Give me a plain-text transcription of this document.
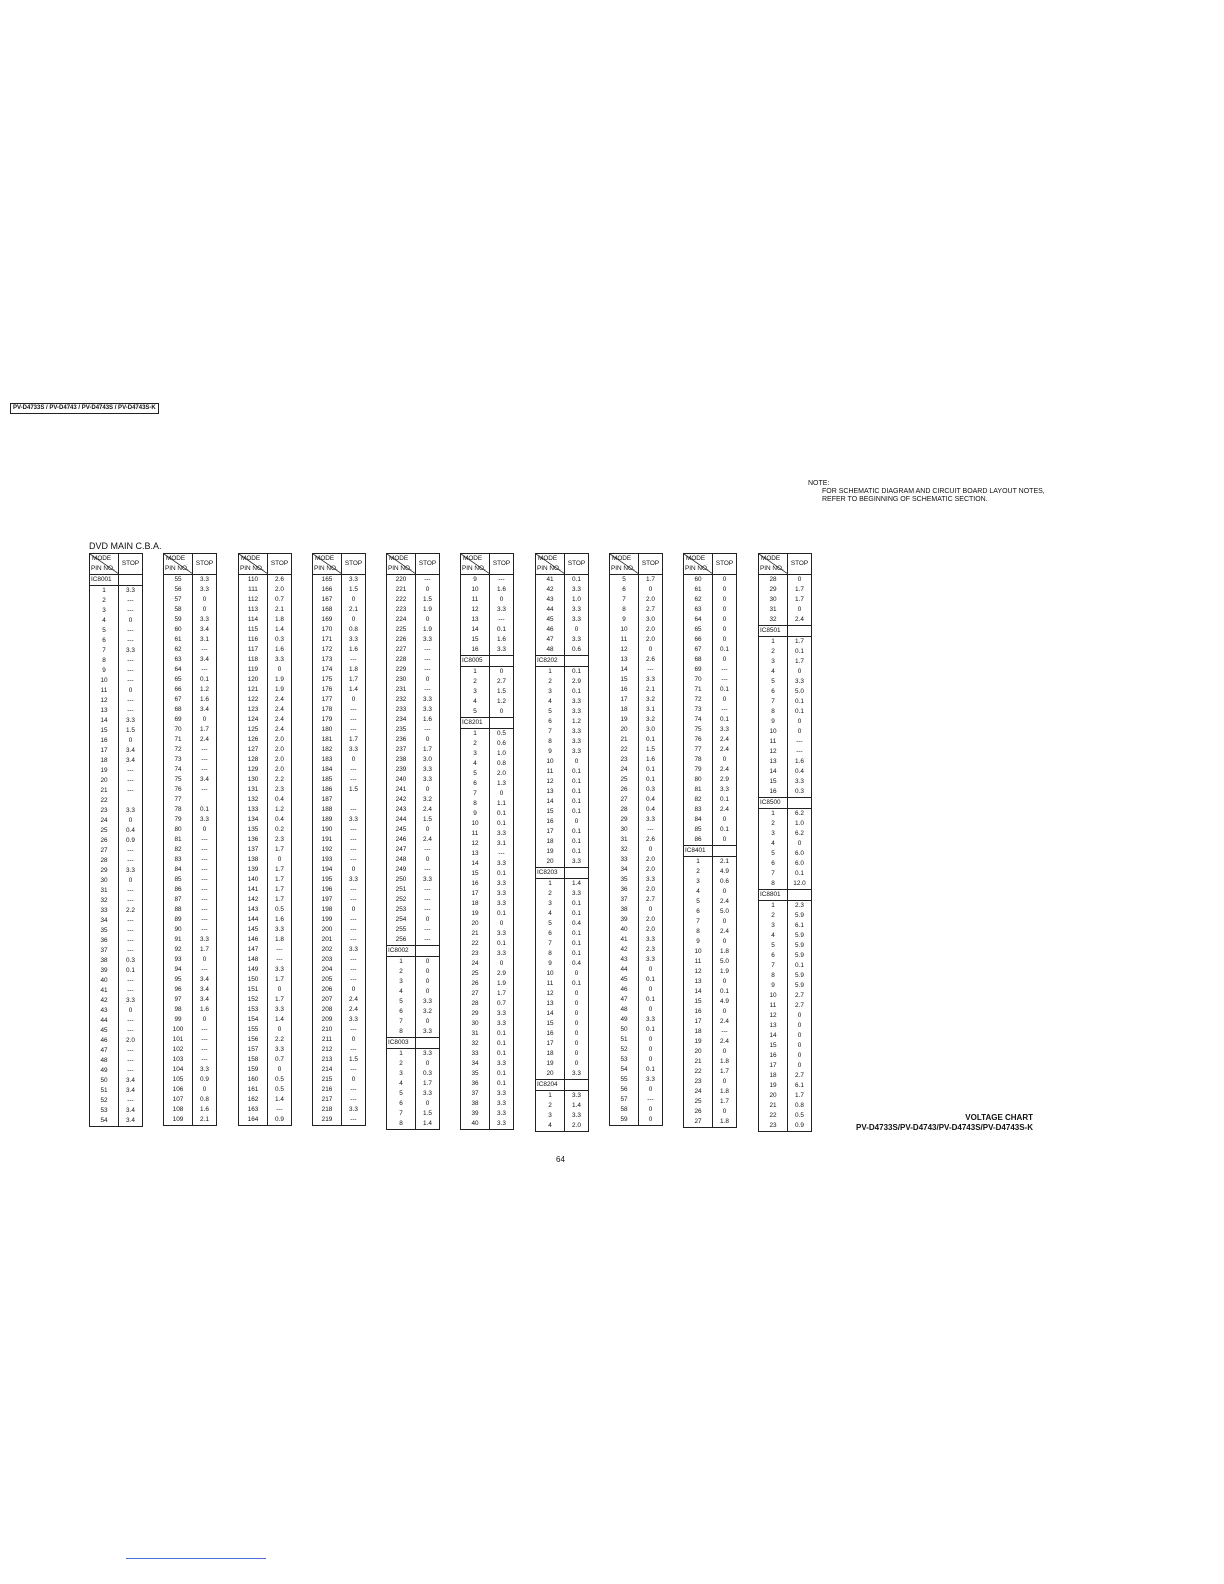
PV-D4733S / PV-D4743 / PV-D4743S / PV-D4743S-K
NOTE:
FOR SCHEMATIC DIAGRAM AND CIRCUIT BOARD LAYOUT NOTES,
REFER TO BEGINNING OF SCHEMATIC SECTION.
DVD MAIN C.B.A.
MODE
PIN NO.	STOP
IC8001	
1	3.3
2	---
3	---
4	0
5	---
6	---
7	3.3
8	---
9	---
10	---
11	0
12	---
13	---
14	3.3
15	1.5
16	0
17	3.4
18	3.4
19	---
20	---
21	---
22	
23	3.3
24	0
25	0.4
26	0.9
27	---
28	---
29	3.3
30	0
31	---
32	---
33	2.2
34	---
35	---
36	---
37	---
38	0.3
39	0.1
40	---
41	---
42	3.3
43	0
44	---
45	---
46	2.0
47	---
48	---
49	---
50	3.4
51	3.4
52	---
53	3.4
54	3.4
MODE
PIN NO.	STOP
55	3.3
56	3.3
57	0
58	0
59	3.3
60	3.4
61	3.1
62	---
63	3.4
64	---
65	0.1
66	1.2
67	1.6
68	3.4
69	0
70	1.7
71	2.4
72	---
73	---
74	---
75	3.4
76	---
77	
78	0.1
79	3.3
80	0
81	---
82	---
83	---
84	---
85	---
86	---
87	---
88	---
89	---
90	---
91	3.3
92	1.7
93	0
94	---
95	3.4
96	3.4
97	3.4
98	1.6
99	0
100	---
101	---
102	---
103	---
104	3.3
105	0.9
106	0
107	0.8
108	1.6
109	2.1
MODE
PIN NO.	STOP
110	2.6
111	2.0
112	0.7
113	2.1
114	1.8
115	1.4
116	0.3
117	1.6
118	3.3
119	0
120	1.9
121	1.9
122	2.4
123	2.4
124	2.4
125	2.4
126	2.0
127	2.0
128	2.0
129	2.0
130	2.2
131	2.3
132	0.4
133	1.2
134	0.4
135	0.2
136	2.3
137	1.7
138	0
139	1.7
140	1.7
141	1.7
142	1.7
143	0.5
144	1.6
145	3.3
146	1.8
147	---
148	---
149	3.3
150	1.7
151	0
152	1.7
153	3.3
154	1.4
155	0
156	2.2
157	3.3
158	0.7
159	0
160	0.5
161	0.5
162	1.4
163	---
164	0.9
MODE
PIN NO.	STOP
165	3.3
166	1.5
167	0
168	2.1
169	0
170	0.8
171	3.3
172	1.6
173	---
174	1.8
175	1.7
176	1.4
177	0
178	---
179	---
180	---
181	1.7
182	3.3
183	0
184	---
185	---
186	1.5
187	
188	---
189	3.3
190	---
191	---
192	---
193	---
194	0
195	3.3
196	---
197	---
198	0
199	---
200	---
201	---
202	3.3
203	---
204	---
205	---
206	0
207	2.4
208	2.4
209	3.3
210	---
211	0
212	---
213	1.5
214	---
215	0
216	---
217	---
218	3.3
219	---
MODE
PIN NO.	STOP
220	---
221	0
222	1.5
223	1.9
224	0
225	1.9
226	3.3
227	---
228	---
229	---
230	0
231	---
232	3.3
233	3.3
234	1.6
235	---
236	0
237	1.7
238	3.0
239	3.3
240	3.3
241	0
242	3.2
243	2.4
244	1.5
245	0
246	2.4
247	---
248	0
249	---
250	3.3
251	---
252	---
253	---
254	0
255	---
256	---
IC8002	
1	0
2	0
3	0
4	0
5	3.3
6	3.2
7	0
8	3.3
IC8003	
1	3.3
2	0
3	0.3
4	1.7
5	3.3
6	0
7	1.5
8	1.4
MODE
PIN NO.	STOP
9	---
10	1.6
11	0
12	3.3
13	---
14	0.1
15	1.6
16	3.3
IC8005	
1	0
2	2.7
3	1.5
4	1.2
5	0
IC8201	
1	0.5
2	0.6
3	1.0
4	0.8
5	2.0
6	1.3
7	0
8	1.1
9	0.1
10	0.1
11	3.3
12	3.1
13	---
14	3.3
15	0.1
16	3.3
17	3.3
18	3.3
19	0.1
20	0
21	3.3
22	0.1
23	3.3
24	0
25	2.9
26	1.9
27	1.7
28	0.7
29	3.3
30	3.3
31	0.1
32	0.1
33	0.1
34	3.3
35	0.1
36	0.1
37	3.3
38	3.3
39	3.3
40	3.3
MODE
PIN NO.	STOP
41	0.1
42	3.3
43	1.0
44	3.3
45	3.3
46	0
47	3.3
48	0.6
IC8202	
1	0.1
2	2.9
3	0.1
4	3.3
5	3.3
6	1.2
7	3.3
8	3.3
9	3.3
10	0
11	0.1
12	0.1
13	0.1
14	0.1
15	0.1
16	0
17	0.1
18	0.1
19	0.1
20	3.3
IC8203	
1	1.4
2	3.3
3	0.1
4	0.1
5	0.4
6	0.1
7	0.1
8	0.1
9	0.4
10	0
11	0.1
12	0
13	0
14	0
15	0
16	0
17	0
18	0
19	0
20	3.3
IC8204	
1	3.3
2	1.4
3	3.3
4	2.0
MODE
PIN NO.	STOP
5	1.7
6	0
7	2.0
8	2.7
9	3.0
10	2.0
11	2.0
12	0
13	2.6
14	---
15	3.3
16	2.1
17	3.2
18	3.1
19	3.2
20	3.0
21	0.1
22	1.5
23	1.6
24	0.1
25	0.1
26	0.3
27	0.4
28	0.4
29	3.3
30	---
31	2.6
32	0
33	2.0
34	2.0
35	3.3
36	2.0
37	2.7
38	0
39	2.0
40	2.0
41	3.3
42	2.3
43	3.3
44	0
45	0.1
46	0
47	0.1
48	0
49	3.3
50	0.1
51	0
52	0
53	0
54	0.1
55	3.3
56	0
57	---
58	0
59	0
MODE
PIN NO.	STOP
60	0
61	0
62	0
63	0
64	0
65	0
66	0
67	0.1
68	0
69	---
70	---
71	0.1
72	0
73	---
74	0.1
75	3.3
76	2.4
77	2.4
78	0
79	2.4
80	2.9
81	3.3
82	0.1
83	2.4
84	0
85	0.1
86	0
IC8401	
1	2.1
2	4.9
3	0.6
4	0
5	2.4
6	5.0
7	0
8	2.4
9	0
10	1.8
11	5.0
12	1.9
13	0
14	0.1
15	4.9
16	0
17	2.4
18	---
19	2.4
20	0
21	1.8
22	1.7
23	0
24	1.8
25	1.7
26	0
27	1.8
MODE
PIN NO.	STOP
28	0
29	1.7
30	1.7
31	0
32	2.4
IC8501	
1	1.7
2	0.1
3	1.7
4	0
5	3.3
6	5.0
7	0.1
8	0.1
9	0
10	0
11	---
12	---
13	1.6
14	0.4
15	3.3
16	0.3
IC8500	
1	6.2
2	1.0
3	6.2
4	0
5	6.0
6	6.0
7	0.1
8	12.0
IC8801	
1	2.3
2	5.9
3	6.1
4	5.9
5	5.9
6	5.9
7	0.1
8	5.9
9	5.9
10	2.7
11	2.7
12	0
13	0
14	0
15	0
16	0
17	0
18	2.7
19	6.1
20	1.7
21	0.8
22	0.5
23	0.9
VOLTAGE CHART
PV-D4733S/PV-D4743/PV-D4743S/PV-D4743S-K
64
